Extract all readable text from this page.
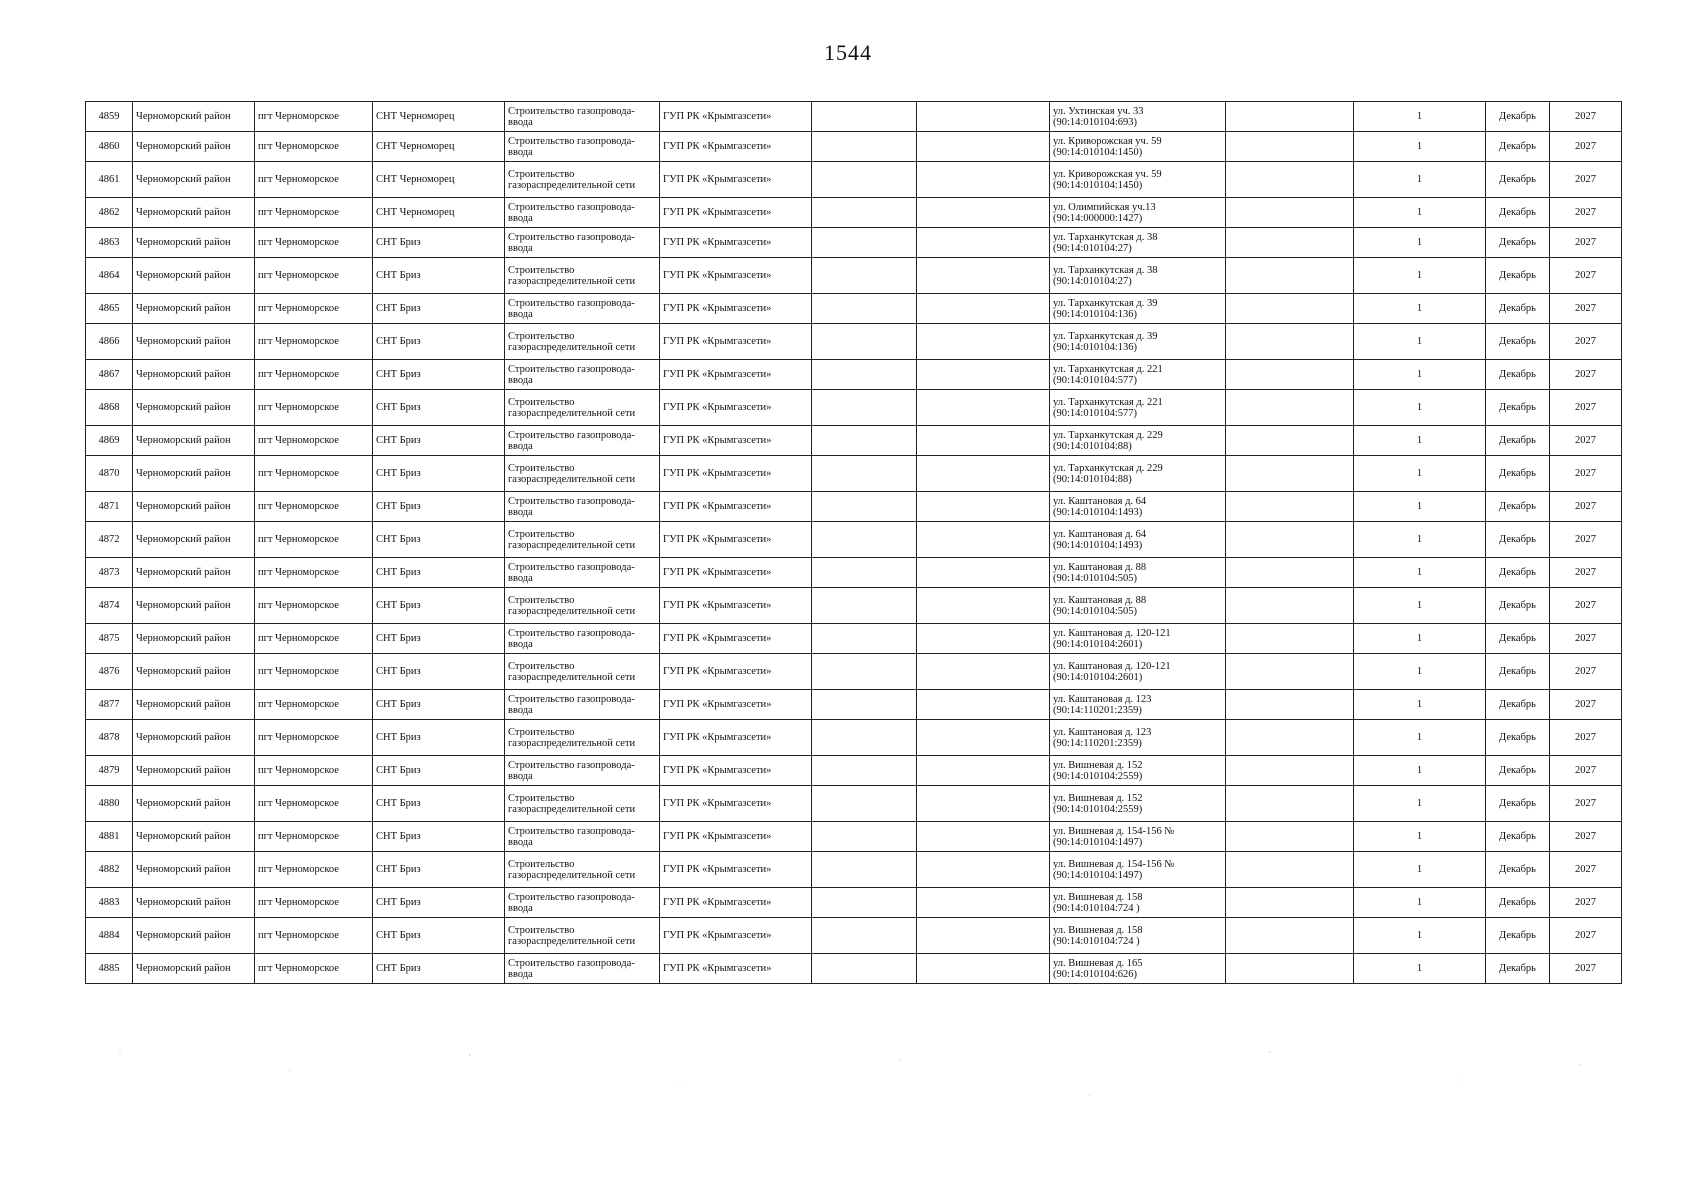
1544
4859	Черноморский район	пгт Черноморское	СНТ Черноморец	Строительство газопровода-ввода	ГУП РК «Крымгазсети»			ул. Ухтинская уч. 33 (90:14:010104:693)		1	Декабрь	2027
4860	Черноморский район	пгт Черноморское	СНТ Черноморец	Строительство газопровода-ввода	ГУП РК «Крымгазсети»			ул. Криворожская уч. 59 (90:14:010104:1450)		1	Декабрь	2027
4861	Черноморский район	пгт Черноморское	СНТ Черноморец	Строительство газораспределительной сети	ГУП РК «Крымгазсети»			ул. Криворожская уч. 59 (90:14:010104:1450)		1	Декабрь	2027
4862	Черноморский район	пгт Черноморское	СНТ Черноморец	Строительство газопровода-ввода	ГУП РК «Крымгазсети»			ул. Олимпийская уч.13 (90:14:000000:1427)		1	Декабрь	2027
4863	Черноморский район	пгт Черноморское	СНТ Бриз	Строительство газопровода-ввода	ГУП РК «Крымгазсети»			ул. Тарханкутская д. 38 (90:14:010104:27)		1	Декабрь	2027
4864	Черноморский район	пгт Черноморское	СНТ Бриз	Строительство газораспределительной сети	ГУП РК «Крымгазсети»			ул. Тарханкутская д. 38 (90:14:010104:27)		1	Декабрь	2027
4865	Черноморский район	пгт Черноморское	СНТ Бриз	Строительство газопровода-ввода	ГУП РК «Крымгазсети»			ул. Тарханкутская д. 39 (90:14:010104:136)		1	Декабрь	2027
4866	Черноморский район	пгт Черноморское	СНТ Бриз	Строительство газораспределительной сети	ГУП РК «Крымгазсети»			ул. Тарханкутская д. 39 (90:14:010104:136)		1	Декабрь	2027
4867	Черноморский район	пгт Черноморское	СНТ Бриз	Строительство газопровода-ввода	ГУП РК «Крымгазсети»			ул. Тарханкутская д. 221 (90:14:010104:577)		1	Декабрь	2027
4868	Черноморский район	пгт Черноморское	СНТ Бриз	Строительство газораспределительной сети	ГУП РК «Крымгазсети»			ул. Тарханкутская д. 221 (90:14:010104:577)		1	Декабрь	2027
4869	Черноморский район	пгт Черноморское	СНТ Бриз	Строительство газопровода-ввода	ГУП РК «Крымгазсети»			ул. Тарханкутская д. 229 (90:14:010104:88)		1	Декабрь	2027
4870	Черноморский район	пгт Черноморское	СНТ Бриз	Строительство газораспределительной сети	ГУП РК «Крымгазсети»			ул. Тарханкутская д. 229 (90:14:010104:88)		1	Декабрь	2027
4871	Черноморский район	пгт Черноморское	СНТ Бриз	Строительство газопровода-ввода	ГУП РК «Крымгазсети»			ул. Каштановая д. 64 (90:14:010104:1493)		1	Декабрь	2027
4872	Черноморский район	пгт Черноморское	СНТ Бриз	Строительство газораспределительной сети	ГУП РК «Крымгазсети»			ул. Каштановая д. 64 (90:14:010104:1493)		1	Декабрь	2027
4873	Черноморский район	пгт Черноморское	СНТ Бриз	Строительство газопровода-ввода	ГУП РК «Крымгазсети»			ул. Каштановая д. 88 (90:14:010104:505)		1	Декабрь	2027
4874	Черноморский район	пгт Черноморское	СНТ Бриз	Строительство газораспределительной сети	ГУП РК «Крымгазсети»			ул. Каштановая д. 88 (90:14:010104:505)		1	Декабрь	2027
4875	Черноморский район	пгт Черноморское	СНТ Бриз	Строительство газопровода-ввода	ГУП РК «Крымгазсети»			ул. Каштановая д. 120-121 (90:14:010104:2601)		1	Декабрь	2027
4876	Черноморский район	пгт Черноморское	СНТ Бриз	Строительство газораспределительной сети	ГУП РК «Крымгазсети»			ул. Каштановая д. 120-121 (90:14:010104:2601)		1	Декабрь	2027
4877	Черноморский район	пгт Черноморское	СНТ Бриз	Строительство газопровода-ввода	ГУП РК «Крымгазсети»			ул. Каштановая д. 123 (90:14:110201:2359)		1	Декабрь	2027
4878	Черноморский район	пгт Черноморское	СНТ Бриз	Строительство газораспределительной сети	ГУП РК «Крымгазсети»			ул. Каштановая д. 123 (90:14:110201:2359)		1	Декабрь	2027
4879	Черноморский район	пгт Черноморское	СНТ Бриз	Строительство газопровода-ввода	ГУП РК «Крымгазсети»			ул. Вишневая д. 152 (90:14:010104:2559)		1	Декабрь	2027
4880	Черноморский район	пгт Черноморское	СНТ Бриз	Строительство газораспределительной сети	ГУП РК «Крымгазсети»			ул. Вишневая д. 152 (90:14:010104:2559)		1	Декабрь	2027
4881	Черноморский район	пгт Черноморское	СНТ Бриз	Строительство газопровода-ввода	ГУП РК «Крымгазсети»			ул. Вишневая д. 154-156 № (90:14:010104:1497)		1	Декабрь	2027
4882	Черноморский район	пгт Черноморское	СНТ Бриз	Строительство газораспределительной сети	ГУП РК «Крымгазсети»			ул. Вишневая д. 154-156 № (90:14:010104:1497)		1	Декабрь	2027
4883	Черноморский район	пгт Черноморское	СНТ Бриз	Строительство газопровода-ввода	ГУП РК «Крымгазсети»			ул. Вишневая д. 158 (90:14:010104:724 )		1	Декабрь	2027
4884	Черноморский район	пгт Черноморское	СНТ Бриз	Строительство газораспределительной сети	ГУП РК «Крымгазсети»			ул. Вишневая д. 158 (90:14:010104:724 )		1	Декабрь	2027
4885	Черноморский район	пгт Черноморское	СНТ Бриз	Строительство газопровода-ввода	ГУП РК «Крымгазсети»			ул. Вишневая д. 165 (90:14:010104:626)		1	Декабрь	2027
